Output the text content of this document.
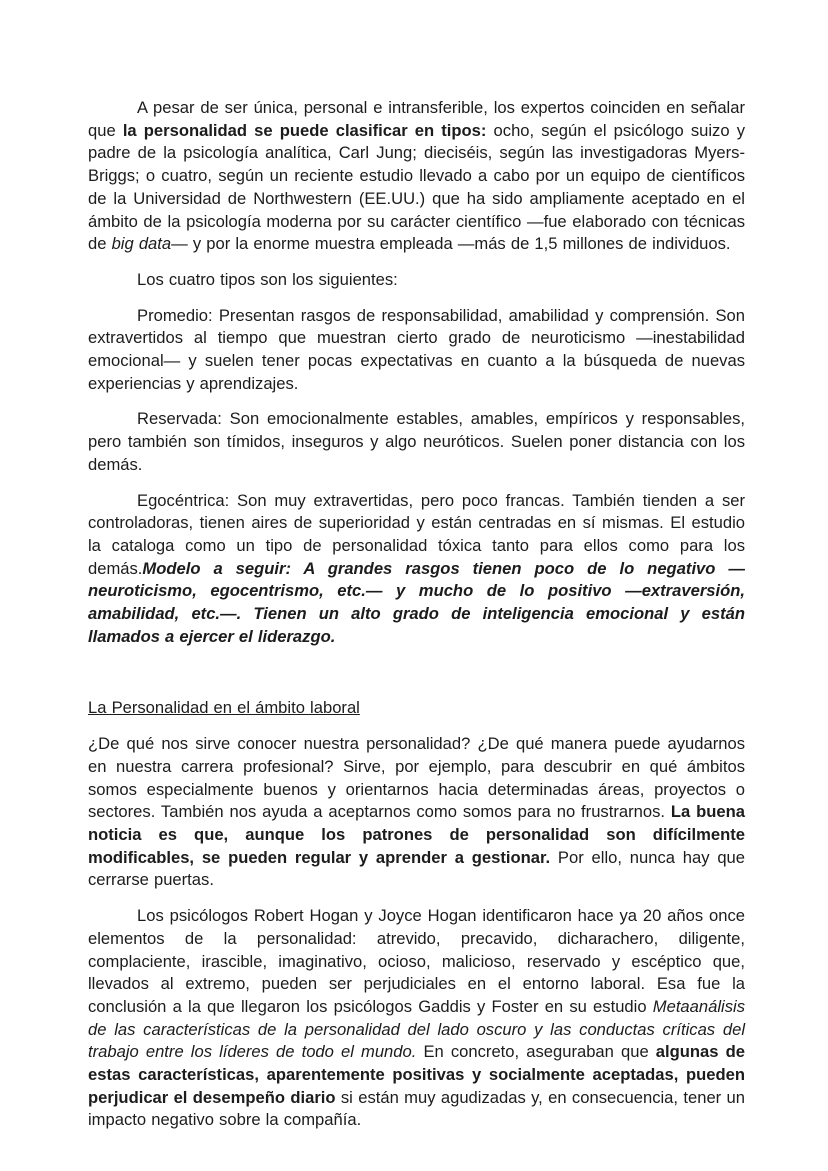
A pesar de ser única, personal e intransferible, los expertos coinciden en señalar que la personalidad se puede clasificar en tipos: ocho, según el psicólogo suizo y padre de la psicología analítica, Carl Jung; dieciséis, según las investigadoras Myers-Briggs; o cuatro, según un reciente estudio llevado a cabo por un equipo de científicos de la Universidad de Northwestern (EE.UU.) que ha sido ampliamente aceptado en el ámbito de la psicología moderna por su carácter científico —fue elaborado con técnicas de big data— y por la enorme muestra empleada —más de 1,5 millones de individuos.

Los cuatro tipos son los siguientes:

Promedio: Presentan rasgos de responsabilidad, amabilidad y comprensión. Son extravertidos al tiempo que muestran cierto grado de neuroticismo —inestabilidad emocional— y suelen tener pocas expectativas en cuanto a la búsqueda de nuevas experiencias y aprendizajes.

Reservada: Son emocionalmente estables, amables, empíricos y responsables, pero también son tímidos, inseguros y algo neuróticos. Suelen poner distancia con los demás.

Egocéntrica: Son muy extravertidas, pero poco francas. También tienden a ser controladoras, tienen aires de superioridad y están centradas en sí mismas. El estudio la cataloga como un tipo de personalidad tóxica tanto para ellos como para los demás.Modelo a seguir: A grandes rasgos tienen poco de lo negativo —neuroticismo, egocentrismo, etc.— y mucho de lo positivo —extraversión, amabilidad, etc.—. Tienen un alto grado de inteligencia emocional y están llamados a ejercer el liderazgo.

La Personalidad en el ámbito laboral

¿De qué nos sirve conocer nuestra personalidad? ¿De qué manera puede ayudarnos en nuestra carrera profesional? Sirve, por ejemplo, para descubrir en qué ámbitos somos especialmente buenos y orientarnos hacia determinadas áreas, proyectos o sectores. También nos ayuda a aceptarnos como somos para no frustrarnos. La buena noticia es que, aunque los patrones de personalidad son difícilmente modificables, se pueden regular y aprender a gestionar. Por ello, nunca hay que cerrarse puertas.

Los psicólogos Robert Hogan y Joyce Hogan identificaron hace ya 20 años once elementos de la personalidad: atrevido, precavido, dicharachero, diligente, complaciente, irascible, imaginativo, ocioso, malicioso, reservado y escéptico que, llevados al extremo, pueden ser perjudiciales en el entorno laboral. Esa fue la conclusión a la que llegaron los psicólogos Gaddis y Foster en su estudio Metaanálisis de las características de la personalidad del lado oscuro y las conductas críticas del trabajo entre los líderes de todo el mundo. En concreto, aseguraban que algunas de estas características, aparentemente positivas y socialmente aceptadas, pueden perjudicar el desempeño diario si están muy agudizadas y, en consecuencia, tener un impacto negativo sobre la compañía.
